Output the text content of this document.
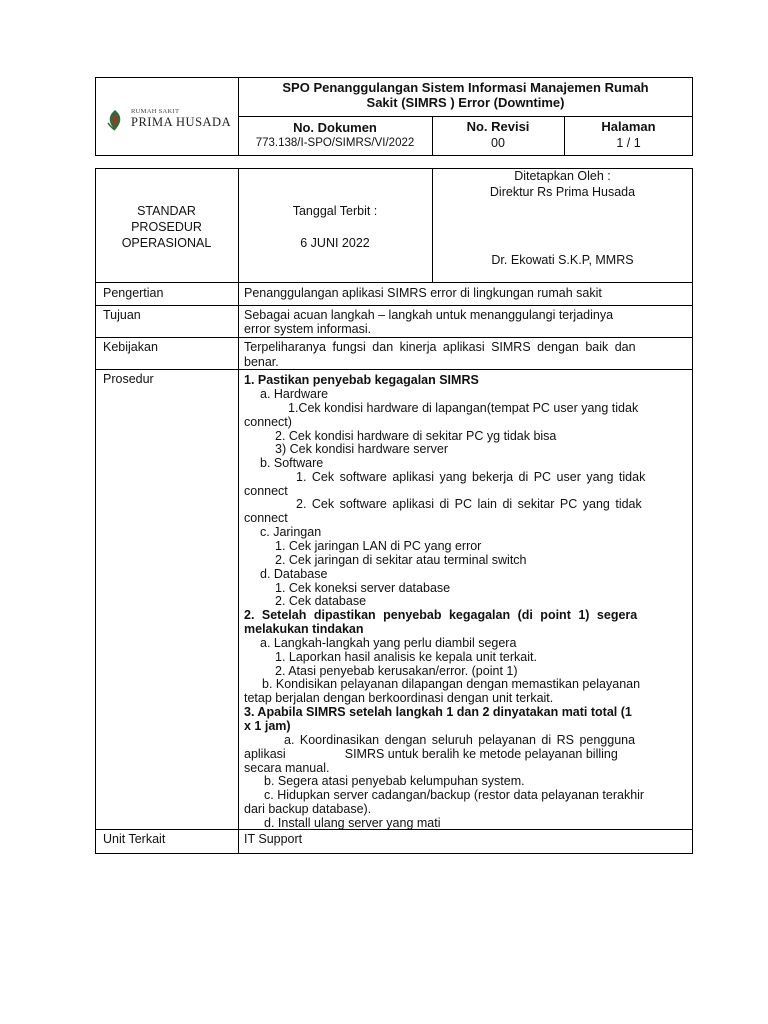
RUMAH SAKIT
PRIMA HUSADA
SPO Penanggulangan Sistem Informasi Manajemen Rumah
Sakit (SIMRS ) Error (Downtime)
No. Dokumen
773.138/I-SPO/SIMRS/VI/2022
No. Revisi
00
Halaman
1 / 1
STANDAR
PROSEDUR
OPERASIONAL
Tanggal Terbit :
6 JUNI 2022
Ditetapkan Oleh :
Direktur Rs Prima Husada
Dr. Ekowati S.K.P, MMRS
Pengertian
Tujuan
Kebijakan
Prosedur
Unit Terkait
Penanggulangan aplikasi SIMRS error di lingkungan rumah sakit
Sebagai acuan langkah – langkah untuk menanggulangi terjadinya
error system informasi.
Terpeliharanya fungsi dan kinerja aplikasi SIMRS dengan baik dan
benar.
IT Support
1. Pastikan penyebab kegagalan SIMRS
a. Hardware
1.Cek kondisi hardware di lapangan(tempat PC user yang tidak
connect)
2. Cek kondisi hardware di sekitar PC yg tidak bisa
3) Cek kondisi hardware server
b. Software
1. Cek software aplikasi yang bekerja di PC user yang tidak
connect
2. Cek software aplikasi di PC lain di sekitar PC yang tidak
connect
c. Jaringan
1. Cek jaringan LAN di PC yang error
2. Cek jaringan di sekitar atau terminal switch
d. Database
1. Cek koneksi server database
2. Cek database
2. Setelah dipastikan penyebab kegagalan (di point 1) segera
melakukan tindakan
a. Langkah-langkah yang perlu diambil segera
1. Laporkan hasil analisis ke kepala unit terkait.
2. Atasi penyebab kerusakan/error. (point 1)
b. Kondisikan pelayanan dilapangan dengan memastikan pelayanan
tetap berjalan dengan berkoordinasi dengan unit terkait.
3. Apabila SIMRS setelah langkah 1 dan 2 dinyatakan mati total (1
x 1 jam)
a. Koordinasikan dengan seluruh pelayanan di RS pengguna
aplikasi                 SIMRS untuk beralih ke metode pelayanan billing
secara manual.
b. Segera atasi penyebab kelumpuhan system.
c. Hidupkan server cadangan/backup (restor data pelayanan terakhir
dari backup database).
d. Install ulang server yang mati
